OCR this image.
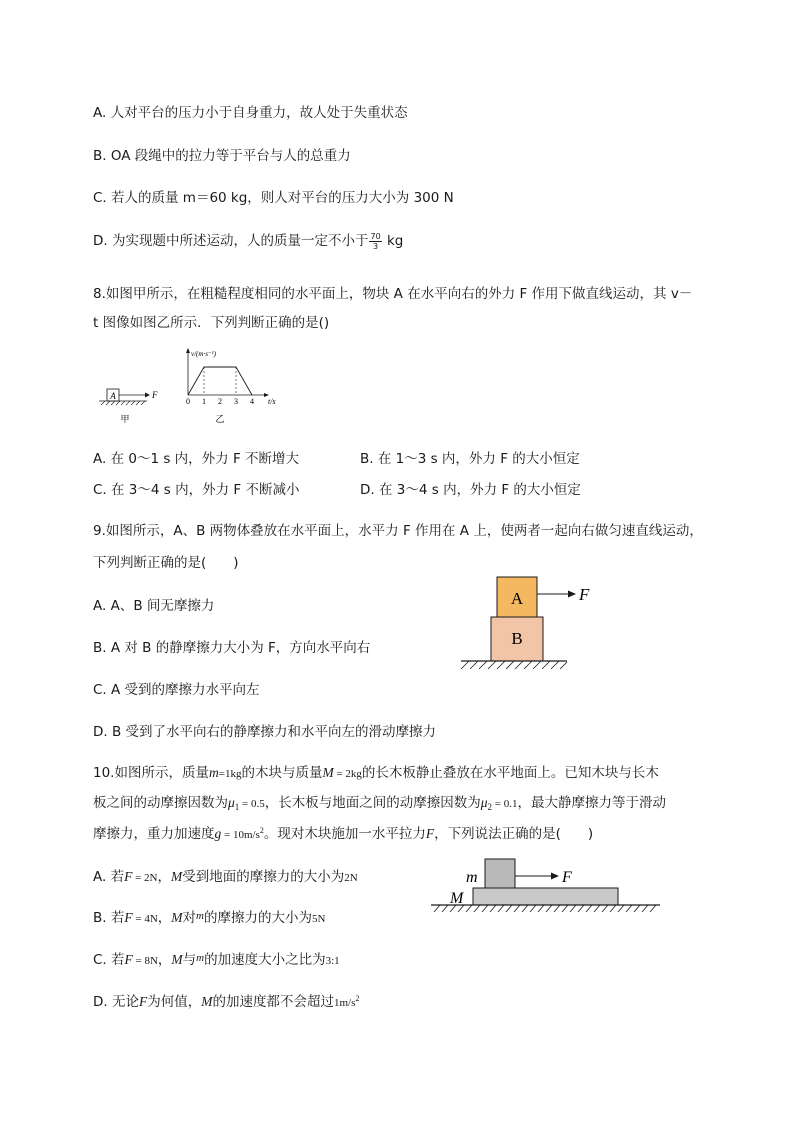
A. 人对平台的压力小于自身重力，故人处于失重状态
B. OA 段绳中的拉力等于平台与人的总重力
C. 若人的质量 m＝60 kg，则人对平台的压力大小为 300 N
D. 为实现题中所述运动，人的质量一定不小于 $\frac{70}{3}$ kg
8.如图甲所示，在粗糙程度相同的水平面上，物块 A 在水平向右的外力 F 作用下做直线运动，其 v－
t 图像如图乙所示．下列判断正确的是()
A	F
甲
v/(m·s⁻¹)
t/s
0 1 2 3 4
乙
A. 在 0～1 s 内，外力 F 不断增大	B. 在 1～3 s 内，外力 F 的大小恒定
C. 在 3～4 s 内，外力 F 不断减小	D. 在 3～4 s 内，外力 F 的大小恒定
9.如图所示，A、B 两物体叠放在水平面上，水平力 F 作用在 A 上，使两者一起向右做匀速直线运动，
下列判断正确的是(　　)
A. A、B 间无摩擦力
B. A 对 B 的静摩擦力大小为 F，方向水平向右
C. A 受到的摩擦力水平向左
D. B 受到了水平向右的静摩擦力和水平向左的滑动摩擦力
A
B
F
10.如图所示，质量m=1kg的木块与质量M = 2kg的长木板静止叠放在水平地面上。已知木块与长木
板之间的动摩擦因数为$\mu_1 = 0.5$，长木板与地面之间的动摩擦因数为$\mu_2 = 0.1$，最大静摩擦力等于滑动
摩擦力，重力加速度$g = 10m/s^2$。现对木块施加一水平拉力F，下列说法正确的是(　　)
A. 若F = 2N，M受到地面的摩擦力的大小为2N
B. 若F = 4N，M对$^m$的摩擦力的大小为5N
C. 若F = 8N，M与$^m$的加速度大小之比为3:1
D. 无论F为何值，M的加速度都不会超过$1m/s^2$
m	F
M
